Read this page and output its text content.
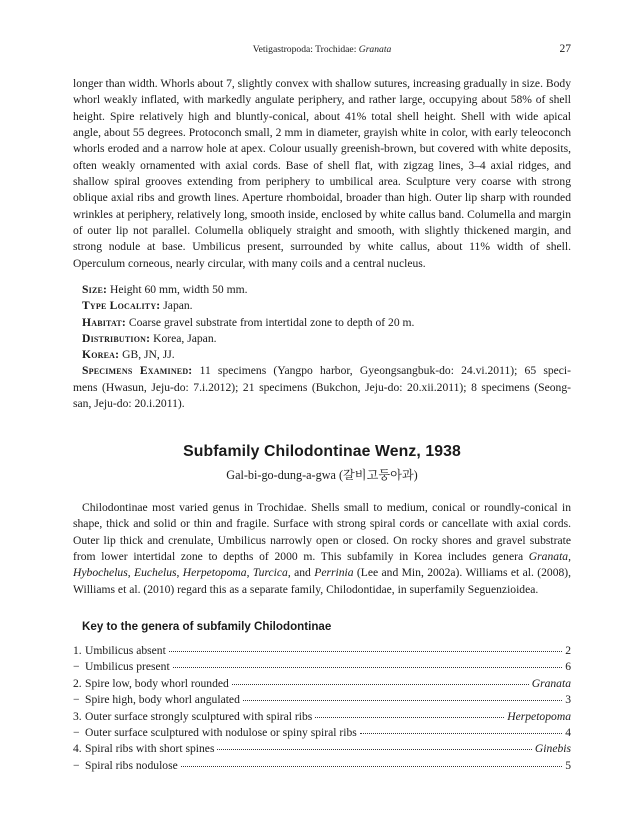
Vetigastropoda: Trochidae: Granata	27
longer than width. Whorls about 7, slightly convex with shallow sutures, increasing gradually in size. Body whorl weakly inflated, with markedly angulate periphery, and rather large, occupying about 58% of shell height. Spire relatively high and bluntly-conical, about 41% total shell height. Shell with wide apical angle, about 55 degrees. Protoconch small, 2 mm in diameter, grayish white in color, with early teleoconch whorls eroded and a narrow hole at apex. Colour usually greenish-brown, but covered with white deposits, often weakly ornamented with axial cords. Base of shell flat, with zigzag lines, 3–4 axial ridges, and shallow spiral grooves extending from periphery to umbilical area. Sculpture very coarse with strong oblique axial ribs and growth lines. Aperture rhomboidal, broader than high. Outer lip sharp with rounded wrinkles at periphery, relatively long, smooth inside, enclosed by white callus band. Columella and margin of outer lip not parallel. Columella obliquely straight and smooth, with slightly thickened margin, and strong nodule at base. Umbilicus present, surrounded by white callus, about 11% width of shell. Operculum corneous, nearly circular, with many coils and a central nucleus.
Size: Height 60 mm, width 50 mm.
Type Locality: Japan.
Habitat: Coarse gravel substrate from intertidal zone to depth of 20 m.
Distribution: Korea, Japan.
Korea: GB, JN, JJ.
Specimens Examined: 11 specimens (Yangpo harbor, Gyeongsangbuk-do: 24.vi.2011); 65 speci-
mens (Hwasun, Jeju-do: 7.i.2012); 21 specimens (Bukchon, Jeju-do: 20.xii.2011); 8 specimens (Seong-san, Jeju-do: 20.i.2011).
Subfamily Chilodontinae Wenz, 1938
Gal-bi-go-dung-a-gwa (갈비고둥아과)
Chilodontinae most varied genus in Trochidae. Shells small to medium, conical or roundly-conical in shape, thick and solid or thin and fragile. Surface with strong spiral cords or cancellate with axial cords. Outer lip thick and crenulate, Umbilicus narrowly open or closed. On rocky shores and gravel substrate from lower intertidal zone to depths of 2000 m. This subfamily in Korea includes genera Granata, Hybochelus, Euchelus, Herpetopoma, Turcica, and Perrinia (Lee and Min, 2002a). Williams et al. (2008), Williams et al. (2010) regard this as a separate family, Chilodontidae, in superfamily Seguenzioidea.
Key to the genera of subfamily Chilodontinae
1. Umbilicus absent	2
− Umbilicus present	6
2. Spire low, body whorl rounded	Granata
− Spire high, body whorl angulated	3
3. Outer surface strongly sculptured with spiral ribs	Herpetopoma
− Outer surface sculptured with nodulose or spiny spiral ribs	4
4. Spiral ribs with short spines	Ginebis
− Spiral ribs nodulose	5
